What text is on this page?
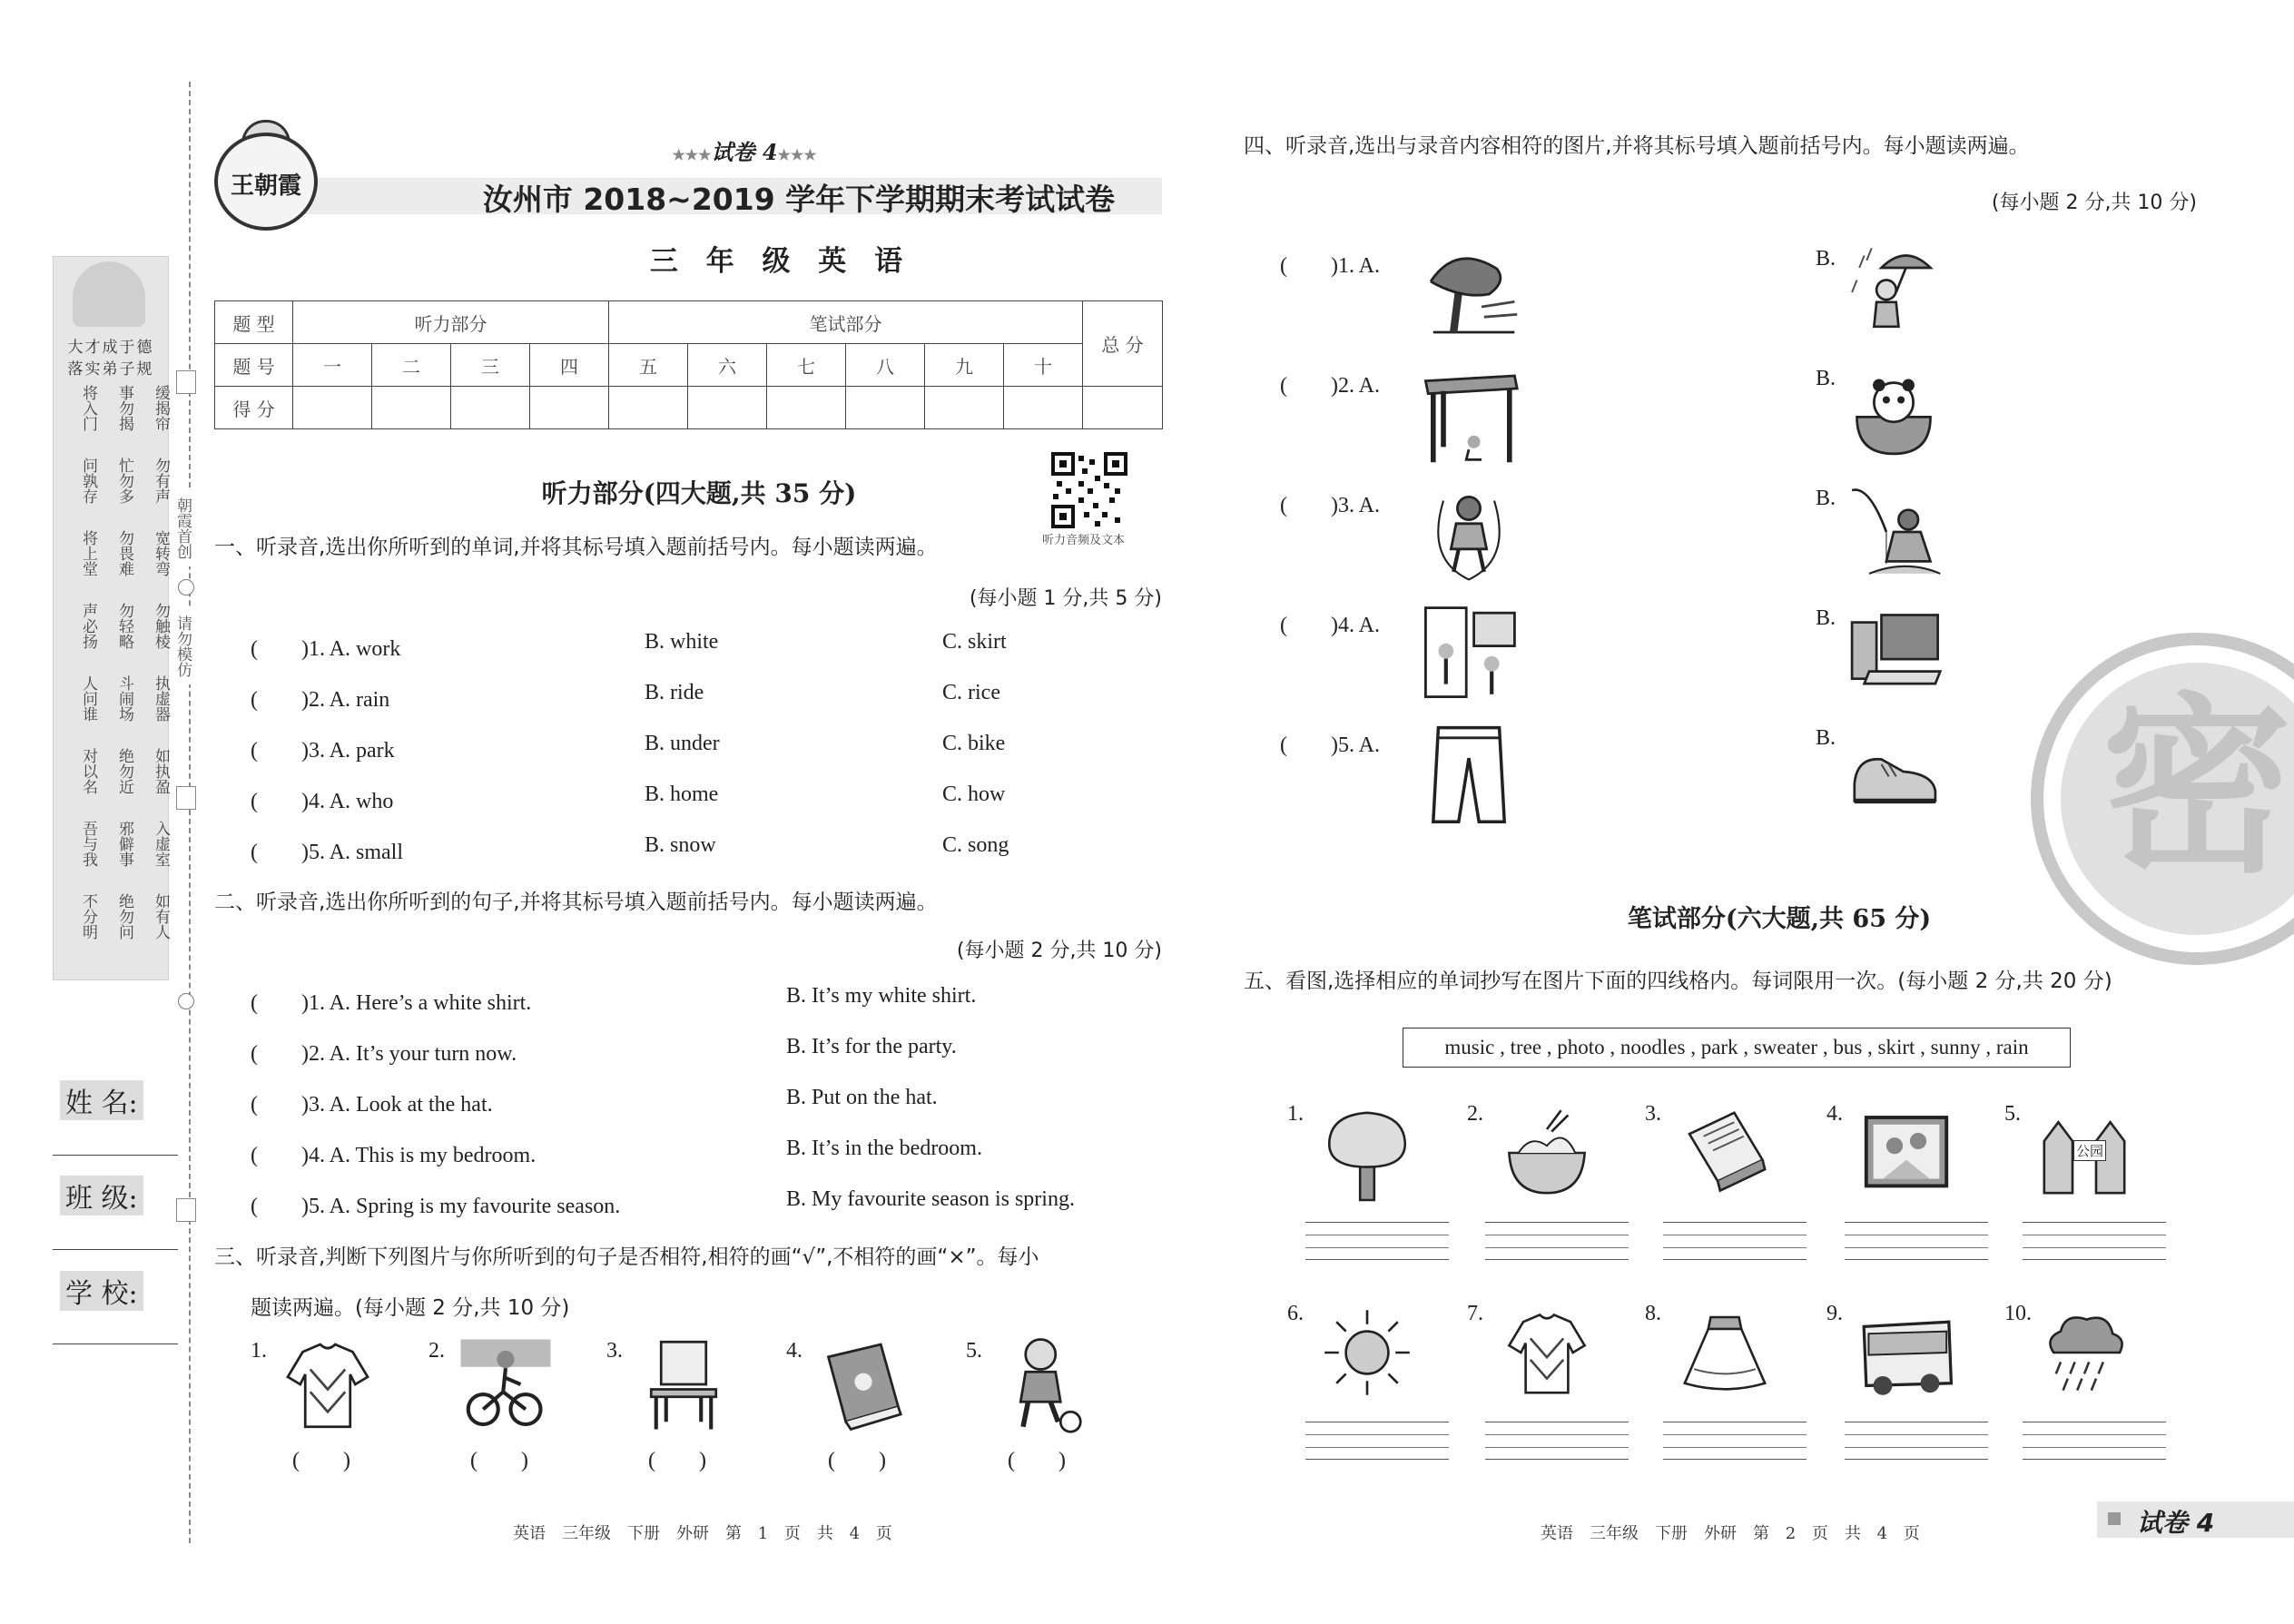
朝霞首创
请勿模仿
大才成于德
落实弟子规
将入门 事勿揭 缓揭帘
问孰存 忙勿多 勿有声
将上堂 勿畏难 宽转弯
声必扬 勿轻略 勿触棱
人问谁 斗闹场 执虚器
对以名 绝勿近 如执盈
吾与我 邪僻事 入虚室
不分明 绝勿问 如有人
姓 名:
班 级:
学 校:
王朝霞
★★★试卷 4★★★
汝州市 2018~2019 学年下学期期末考试试卷
三 年 级 英 语
题 型	听力部分				笔试部分						总 分
题 号	一	二	三	四	五	六	七	八	九	十	
得 分											
听力部分(四大题,共 35 分)
听力音频及文本
一、听录音,选出你所听到的单词,并将其标号填入题前括号内。每小题读两遍。
(每小题 1 分,共 5 分)
(　　)1. A. work	B. white	C. skirt
(　　)2. A. rain	B. ride	C. rice
(　　)3. A. park	B. under	C. bike
(　　)4. A. who	B. home	C. how
(　　)5. A. small	B. snow	C. song
二、听录音,选出你所听到的句子,并将其标号填入题前括号内。每小题读两遍。
(每小题 2 分,共 10 分)
(　　)1. A. Here’s a white shirt.	B. It’s my white shirt.
(　　)2. A. It’s your turn now.	B. It’s for the party.
(　　)3. A. Look at the hat.	B. Put on the hat.
(　　)4. A. This is my bedroom.	B. It’s in the bedroom.
(　　)5. A. Spring is my favourite season.	B. My favourite season is spring.
三、听录音,判断下列图片与你所听到的句子是否相符,相符的画“√”,不相符的画“×”。每小
题读两遍。(每小题 2 分,共 10 分)
1.
(　　)
2.
(　　)
3.
(　　)
4.
(　　)
5.
(　　)
英语　三年级　下册　外研　第 1 页　共 4 页
四、听录音,选出与录音内容相符的图片,并将其标号填入题前括号内。每小题读两遍。
(每小题 2 分,共 10 分)
(　　)1. A.	B.
(　　)2. A.	B.
(　　)3. A.	B.
(　　)4. A.	B.
(　　)5. A.	B. 密
笔试部分(六大题,共 65 分)
五、看图,选择相应的单词抄写在图片下面的四线格内。每词限用一次。(每小题 2 分,共 20 分)
music , tree , photo , noodles , park , sweater , bus , skirt , sunny , rain
1.	2.	3.	4.	5.
公园
6.	7.	8.	9.	10.
英语　三年级　下册　外研　第 2 页　共 4 页	试卷 4
